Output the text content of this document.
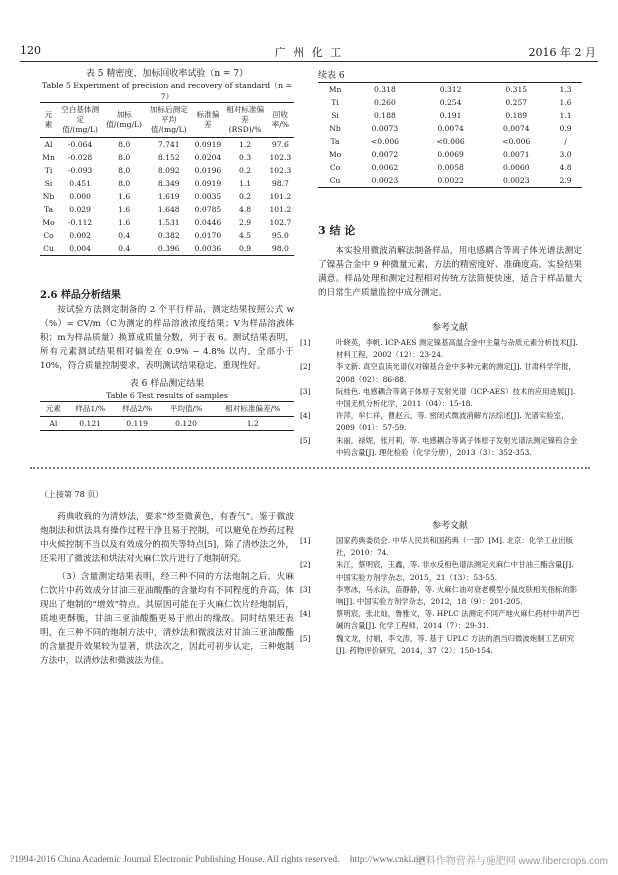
120	广 州 化 工	2016 年 2 月
表 5 精密度、加标回收率试验（n = 7）
Table 5 Experiment of precision and recovery of standard（n = 7）
元素	空白基体测定值/(mg/L)	加标值/(mg/L)	加标后测定平均值/(mg/L)	标准偏差	相对标准偏差(RSD)/%	回收率/%
Al	-0.064	8.0	7.741	0.0919	1.2	97.6
Mn	-0.028	8.0	8.152	0.0204	0.3	102.3
Ti	-0.093	8.0	8.092	0.0196	0.2	102.3
Si	0.451	8.0	8.349	0.0919	1.1	98.7
Nb	0.000	1.6	1.619	0.0035	0.2	101.2
Ta	0.029	1.6	1.648	0.0785	4.8	101.2
Mo	-0.112	1.6	1.531	0.0446	2.9	102.7
Co	0.002	0.4	0.382	0.0170	4.5	95.0
Cu	0.004	0.4	0.396	0.0036	0.9	98.0
2.6 样品分析结果
按试验方法测定制备的 2 个平行样品，测定结果按照公式 w（%）= CV/m（C为测定的样品溶液浓度结果；V为样品溶液体积；m为样品质量）换算成质量分数，列于表 6。测试结果表明，所有元素测试结果相对偏差在 0.9% ~ 4.8% 以内，全部小于 10%，符合质量控制要求，表明测试结果稳定、重现性好。
表 6 样品测定结果
Table 6 Test results of samples
元素	样品1/%	样品2/%	平均值/%	相对标准偏差/%
Al	0.121	0.119	0.120	1.2
续表 6
Mn	0.318	0.312	0.315	1.3
Ti	0.260	0.254	0.257	1.6
Si	0.188	0.191	0.189	1.1
Nb	0.0073	0.0074	0.0074	0.9
Ta	<0.006	<0.006	<0.006	/
Mo	0.0072	0.0069	0.0071	3.0
Co	0.0062	0.0058	0.0060	4.8
Cu	0.0023	0.0022	0.0023	2.9
3 结 论
本实验用微波消解法制备样品，用电感耦合等离子体光谱法测定了镍基合金中 9 种微量元素，方法的精密度好、准确度高，实验结果满意。样品处理和测定过程相对传统方法简便快速，适合于样品量大的日常生产质量监控中成分测定。
参考文献
[1]	叶晓英，李帆. ICP-AES 测定镍基高温合金中主量与杂质元素分析技术[J]. 材料工程，2002（12）：23-24.
[2]	李文新. 真空直读光谱仪对镍基合金中多种元素的测定[J]. 甘肃科学学报，2008（02）：86-88.
[3]	阮桂色. 电感耦合等离子体原子发射光谱（ICP-AES）技术的应用进展[J]. 中国无机分析化学，2011（04）：15-18.
[4]	许萍，牟仁祥，曹赵云，等. 密闭式微波消解方法综述[J]. 光谱实验室，2009（01）：57-59.
[5]	朱丽，禄妮，张月莉，等. 电感耦合等离子体原子发射光谱法测定镍钨合金中钨含量[J]. 理化检验（化学分册），2013（3）：352-353.
（上接第 78 页）
药典收载的为清炒法，要求“炒至微黄色，有香气”。鉴于微波炮制法和烘法具有操作过程干净且易于控制，可以避免在炒药过程中火候控制不当以及有效成分的损失等特点[5]，除了清炒法之外，还采用了微波法和烘法对火麻仁饮片进行了炮制研究。
（3）含量测定结果表明，经三种不同的方法炮制之后，火麻仁饮片中药效成分甘油三亚油酸酯的含量均有不同程度的升高，体现出了炮制的“增效”特点。其原因可能在于火麻仁饮片经炮制后，质地更酥脆，甘油三亚油酸酯更易于煎出的缘故。同时结果还表明，在三种不同的炮制方法中，清炒法和微波法对甘油三亚油酸酯的含量提升效果较为显著，烘法次之，因此可初步认定，三种炮制方法中，以清炒法和微波法为佳。
参考文献
[1]	国家药典委员会. 中华人民共和国药典（一部）[M]. 北京：化学工业出版社，2010：74.
[2]	朱江，蔡明宸，王鑫，等. 非水反相色谱法测定火麻仁中甘油三酯含量[J]. 中国实验方剂学杂志，2015，21（13）：53-55.
[3]	李寒冰，马永法，苗静静，等. 火麻仁油对衰老模型小鼠皮肤相关指标的影响[J]. 中国实验方剂学杂志，2012，18（9）：201-205.
[4]	蔡明宸，张北灿，鲁雅文，等. HPLC 法测定不同产地火麻仁药材中胡芦巴碱的含量[J]. 化学工程师，2014（7）：29-31.
[5]	魏文龙，付娟，李文涛，等. 基于 UPLC 方法的酒当归微波炮制工艺研究[J]. 药物评价研究，2014，37（2）：150-154.
?1994-2016 China Academic Journal Electronic Publishing House. All rights reserved. http://www.cnki.net
肥料作物营养与施肥网 www.fibercrops.com
